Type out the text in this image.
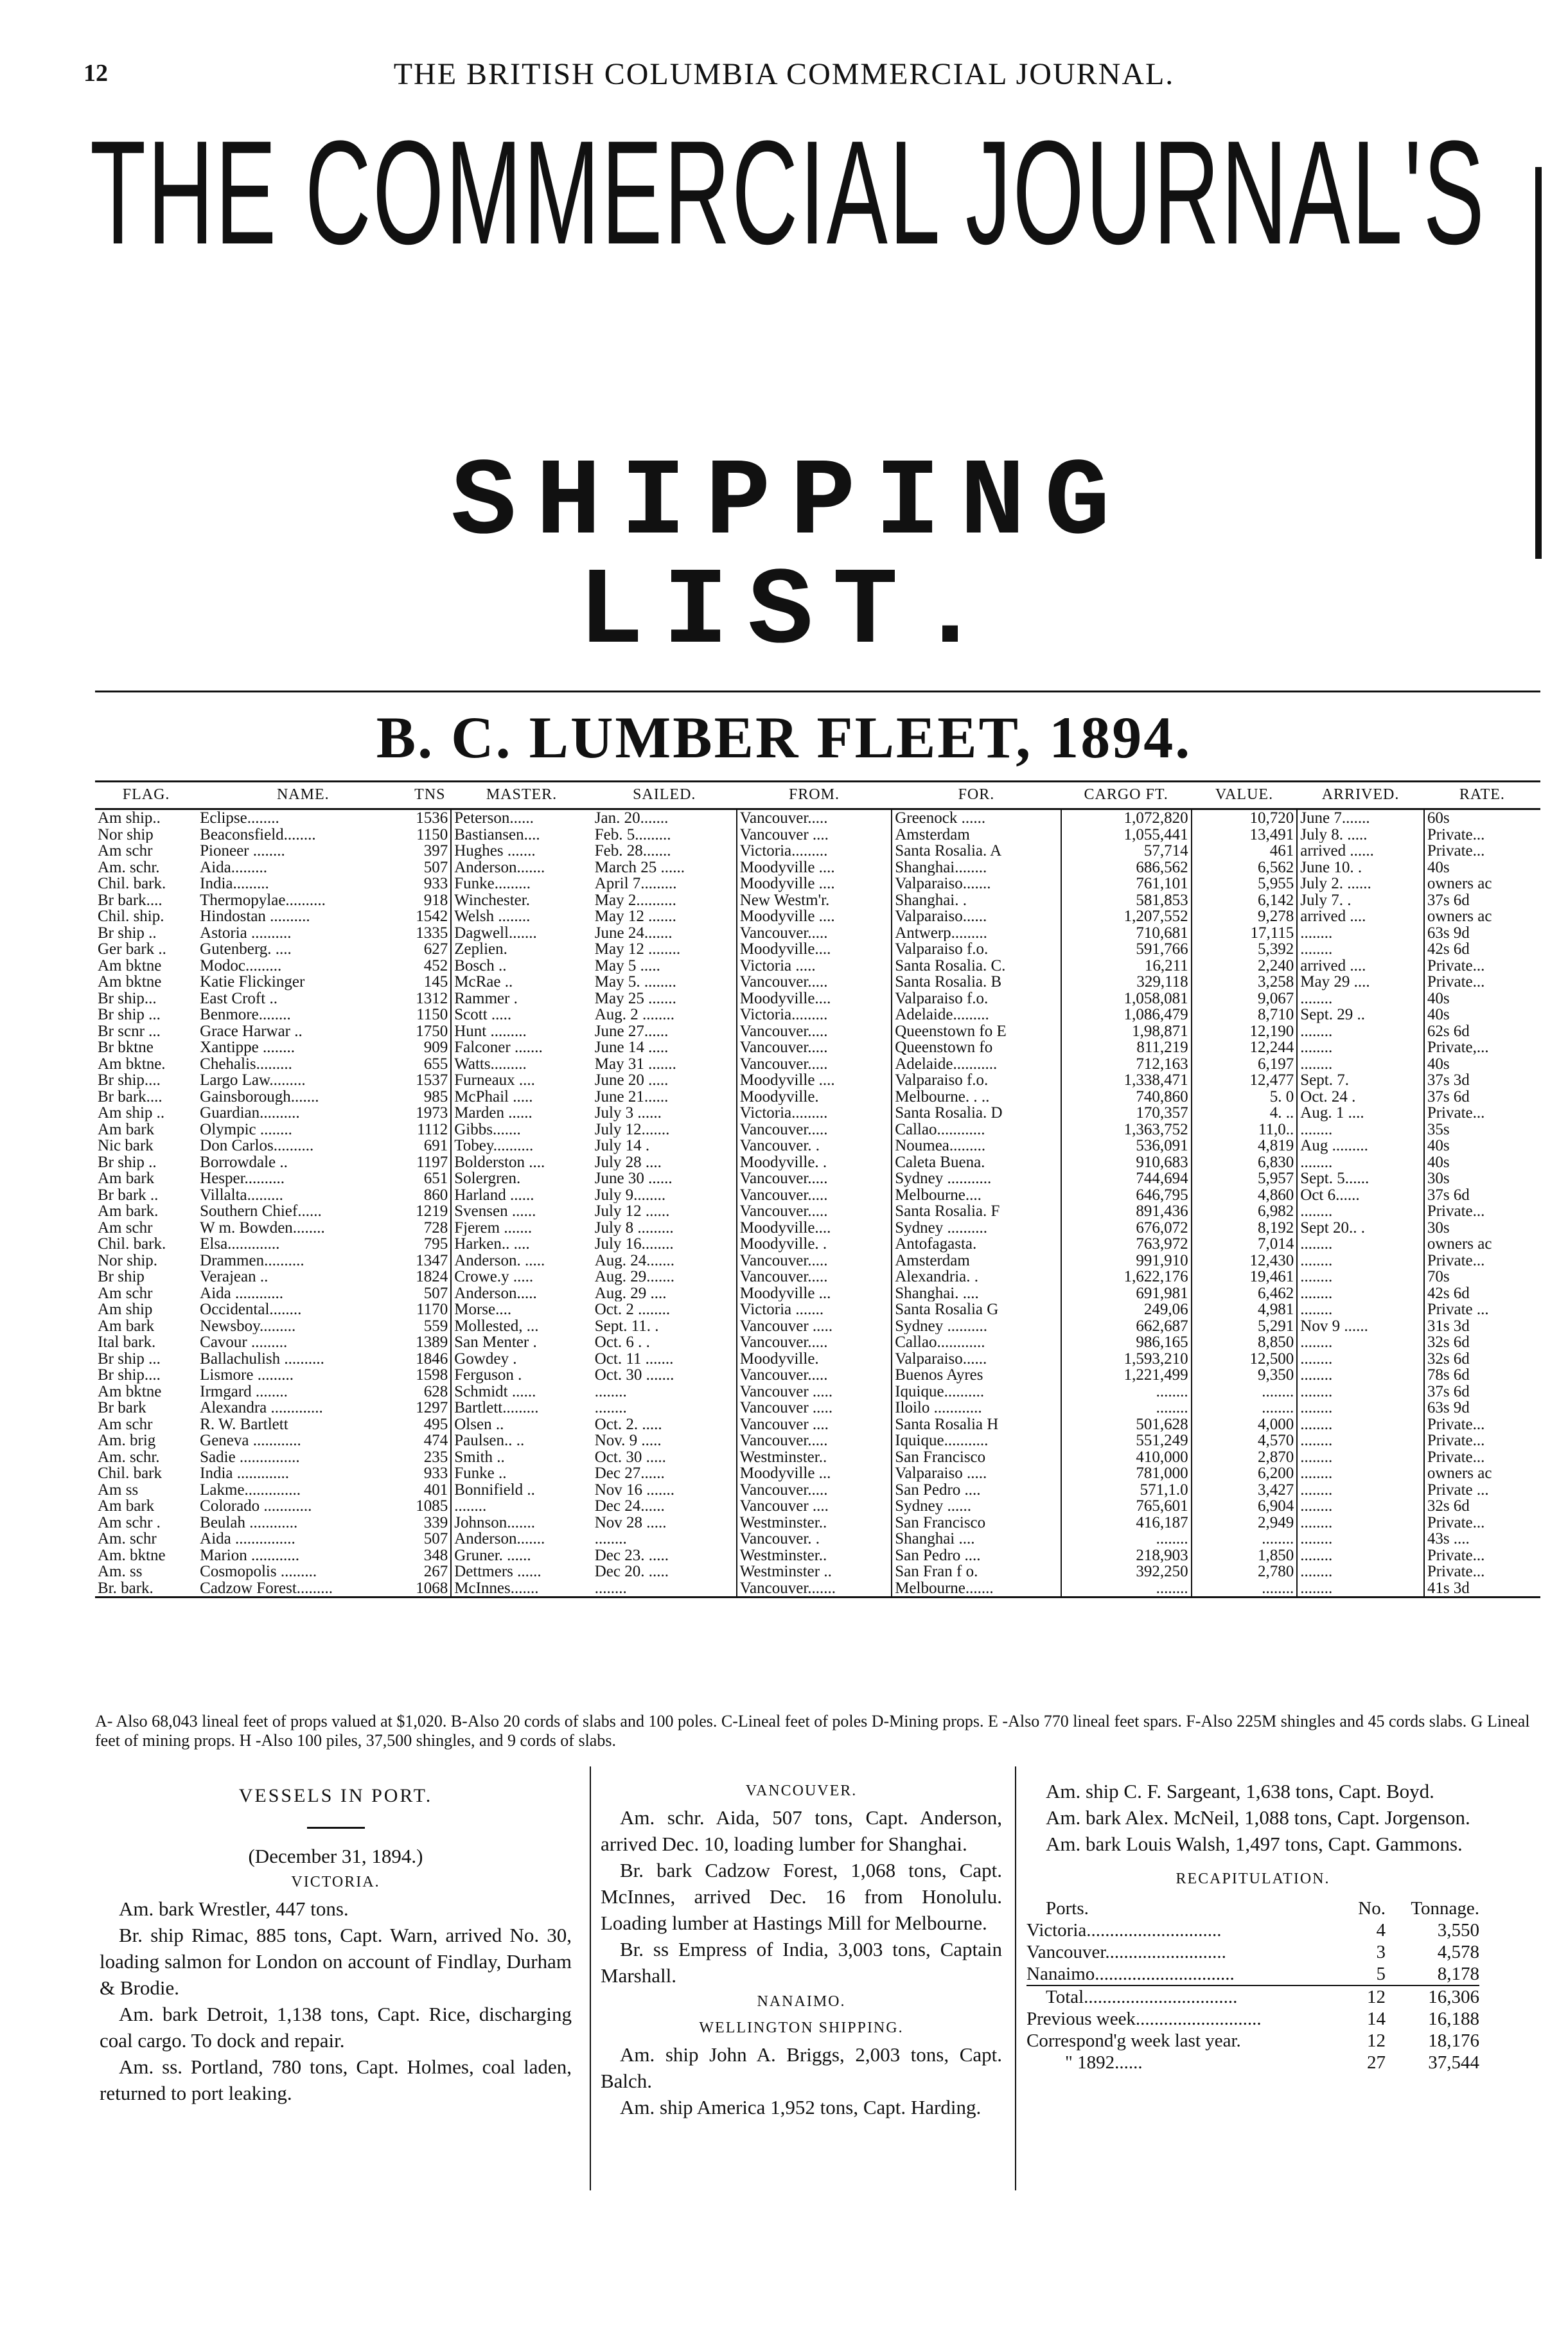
12	THE BRITISH COLUMBIA COMMERCIAL JOURNAL.
THE COMMERCIAL JOURNAL'S
SHIPPING LIST.
B. C. LUMBER FLEET, 1894.
FLAG.	NAME.	TNS	MASTER.	SAILED.	FROM.	FOR.	CARGO FT.	VALUE.	ARRIVED.	RATE.
Am ship..	Eclipse........	1536	Peterson......	Jan. 20.......	Vancouver.....	Greenock ......	1,072,820	10,720	June 7.......	60s
Nor ship	Beaconsfield........	1150	Bastiansen....	Feb. 5.........	Vancouver ....	Amsterdam	1,055,441	13,491	July 8. .....	Private...
Am schr	Pioneer ........	397	Hughes .......	Feb. 28.......	Victoria.........	Santa Rosalia. A	57,714	461	arrived ......	Private...
Am. schr.	Aida.........	507	Anderson.......	March 25 ......	Moodyville ....	Shanghai........	686,562	6,562	June 10. .	40s
Chil. bark.	India.........	933	Funke.........	April 7.........	Moodyville ....	Valparaiso.......	761,101	5,955	July 2. ......	owners ac
Br bark....	Thermopylae..........	918	Winchester.	May 2..........	New Westm'r.	Shanghai. .	581,853	6,142	July 7. .	37s 6d
Chil. ship.	Hindostan ..........	1542	Welsh ........	May 12 .......	Moodyville ....	Valparaiso......	1,207,552	9,278	arrived ....	owners ac
Br ship ..	Astoria ..........	1335	Dagwell.......	June 24.......	Vancouver.....	Antwerp.........	710,681	17,115	........	63s 9d
Ger bark ..	Gutenberg. ....	627	Zeplien.	May 12 ........	Moodyville....	Valparaiso f.o.	591,766	5,392	........	42s 6d
Am bktne	Modoc.........	452	Bosch ..	May 5 .....	Victoria .....	Santa Rosalia. C.	16,211	2,240	arrived ....	Private...
Am bktne	Katie Flickinger	145	McRae ..	May 5. ........	Vancouver.....	Santa Rosalia. B	329,118	3,258	May 29 ....	Private...
Br ship...	East Croft ..	1312	Rammer .	May 25 .......	Moodyville....	Valparaiso f.o.	1,058,081	9,067	........	40s
Br ship ...	Benmore........	1150	Scott .....	Aug. 2 ........	Victoria.........	Adelaide.........	1,086,479	8,710	Sept. 29 ..	40s
Br scnr ...	Grace Harwar ..	1750	Hunt .........	June 27......	Vancouver.....	Queenstown fo E	1,98,871	12,190	........	62s 6d
Br bktne	Xantippe ........	909	Falconer .......	June 14 .....	Vancouver.....	Queenstown fo	811,219	12,244	........	Private,...
Am bktne.	Chehalis.........	655	Watts.........	May 31 .......	Vancouver.....	Adelaide...........	712,163	6,197	........	40s
Br ship....	Largo Law.........	1537	Furneaux ....	June 20 .....	Moodyville ....	Valparaiso f.o.	1,338,471	12,477	Sept. 7.	37s 3d
Br bark....	Gainsborough.......	985	McPhail .....	June 21......	Moodyville.	Melbourne. . ..	740,860	5. 0	Oct. 24 .	37s 6d
Am ship ..	Guardian..........	1973	Marden ......	July 3 ......	Victoria.........	Santa Rosalia. D	170,357	4. ..	Aug. 1 ....	Private...
Am bark	Olympic ........	1112	Gibbs.......	July 12.......	Vancouver.....	Callao............	1,363,752	11,0..	........	35s
Nic bark	Don Carlos..........	691	Tobey..........	July 14 .	Vancouver. .	Noumea.........	536,091	4,819	Aug .........	40s
Br ship ..	Borrowdale ..	1197	Bolderston ....	July 28 ....	Moodyville. .	Caleta Buena.	910,683	6,830	........	40s
Am bark	Hesper..........	651	Solergren.	June 30 ......	Vancouver.....	Sydney ...........	744,694	5,957	Sept. 5......	30s
Br bark ..	Villalta.........	860	Harland ......	July 9........	Vancouver.....	Melbourne....	646,795	4,860	Oct 6......	37s 6d
Am bark.	Southern Chief......	1219	Svensen ......	July 12 ......	Vancouver.....	Santa Rosalia. F	891,436	6,982	........	Private...
Am schr	W m. Bowden........	728	Fjerem .......	July 8 .........	Moodyville....	Sydney ..........	676,072	8,192	Sept 20.. .	30s
Chil. bark.	Elsa.............	795	Harken.. ....	July 16........	Moodyville. .	Antofagasta.	763,972	7,014	........	owners ac
Nor ship.	Drammen..........	1347	Anderson. .....	Aug. 24.......	Vancouver.....	Amsterdam	991,910	12,430	........	Private...
Br ship	Verajean ..	1824	Crowe.y .....	Aug. 29.......	Vancouver.....	Alexandria. .	1,622,176	19,461	........	70s
Am schr	Aida ............	507	Anderson.....	Aug. 29 ....	Moodyville ...	Shanghai. ....	691,981	6,462	........	42s 6d
Am ship	Occidental........	1170	Morse....	Oct. 2 ........	Victoria .......	Santa Rosalia G	249,06	4,981	........	Private ...
Am bark	Newsboy.........	559	Mollested, ...	Sept. 11. .	Vancouver .....	Sydney ..........	662,687	5,291	Nov 9 ......	31s 3d
Ital bark.	Cavour .........	1389	San Menter .	Oct. 6 . .	Vancouver.....	Callao............	986,165	8,850	........	32s 6d
Br ship ...	Ballachulish ..........	1846	Gowdey .	Oct. 11 .......	Moodyville.	Valparaiso......	1,593,210	12,500	........	32s 6d
Br ship....	Lismore .........	1598	Ferguson .	Oct. 30 .......	Vancouver.....	Buenos Ayres	1,221,499	9,350	........	78s 6d
Am bktne	Irmgard ........	628	Schmidt ......	........	Vancouver .....	Iquique..........	........	........	........	37s 6d
Br bark	Alexandra .............	1297	Bartlett.........	........	Vancouver .....	Iloilo ............	........	........	........	63s 9d
Am schr	R. W. Bartlett	495	Olsen ..	Oct. 2. .....	Vancouver ....	Santa Rosalia H	501,628	4,000	........	Private...
Am. brig	Geneva ............	474	Paulsen.. ..	Nov. 9 .....	Vancouver.....	Iquique...........	551,249	4,570	........	Private...
Am. schr.	Sadie ...............	235	Smith ..	Oct. 30 .....	Westminster..	San Francisco	410,000	2,870	........	Private...
Chil. bark	India .............	933	Funke ..	Dec 27......	Moodyville ...	Valparaiso .....	781,000	6,200	........	owners ac
Am ss	Lakme..............	401	Bonnifield ..	Nov 16 .......	Vancouver.....	San Pedro ....	571,1.0	3,427	........	Private ...
Am bark	Colorado ............	1085	........	Dec 24......	Vancouver ....	Sydney ......	765,601	6,904	........	32s 6d
Am schr .	Beulah ............	339	Johnson.......	Nov 28 .....	Westminster..	San Francisco	416,187	2,949	........	Private...
Am. schr	Aida ...............	507	Anderson.......	........	Vancouver. .	Shanghai ....	........	........	........	43s ....
Am. bktne	Marion ............	348	Gruner. ......	Dec 23. .....	Westminster..	San Pedro ....	218,903	1,850	........	Private...
Am. ss	Cosmopolis .........	267	Dettmers ......	Dec 20. .....	Westminster ..	San Fran f o.	392,250	2,780	........	Private...
Br. bark.	Cadzow Forest.........	1068	McInnes.......	........	Vancouver.......	Melbourne.......	........	........	........	41s 3d
A- Also 68,043 lineal feet of props valued at $1,020. B-Also 20 cords of slabs and 100 poles. C-Lineal feet of poles D-Mining props. E -Also 770 lineal feet spars. F-Also 225M shingles and 45 cords slabs. G Lineal feet of mining props. H -Also 100 piles, 37,500 shingles, and 9 cords of slabs.
VESSELS IN PORT.
(December 31, 1894.)
VICTORIA.

Am. bark Wrestler, 447 tons.

Br. ship Rimac, 885 tons, Capt. Warn, arrived No. 30, loading salmon for London on account of Findlay, Durham & Brodie.

Am. bark Detroit, 1,138 tons, Capt. Rice, discharging coal cargo. To dock and repair.

Am. ss. Portland, 780 tons, Capt. Holmes, coal laden, returned to port leaking.

VANCOUVER.

Am. schr. Aida, 507 tons, Capt. Anderson, arrived Dec. 10, loading lumber for Shanghai.

Br. bark Cadzow Forest, 1,068 tons, Capt. McInnes, arrived Dec. 16 from Honolulu. Loading lumber at Hastings Mill for Melbourne.

Br. ss Empress of India, 3,003 tons, Captain Marshall.

NANAIMO.
WELLINGTON SHIPPING.

Am. ship John A. Briggs, 2,003 tons, Capt. Balch.

Am. ship America 1,952 tons, Capt. Harding.

Am. ship C. F. Sargeant, 1,638 tons, Capt. Boyd.

Am. bark Alex. McNeil, 1,088 tons, Capt. Jorgenson.

Am. bark Louis Walsh, 1,497 tons, Capt. Gammons.

RECAPITULATION.
Ports.	No.	Tonnage.
Victoria.............................	4	3,550
Vancouver..........................	3	4,578
Nanaimo..............................	5	8,178
Total.................................	12	16,306
Previous week...........................	14	16,188
Correspond'g week last year.	12	18,176
" 1892......	27	37,544
